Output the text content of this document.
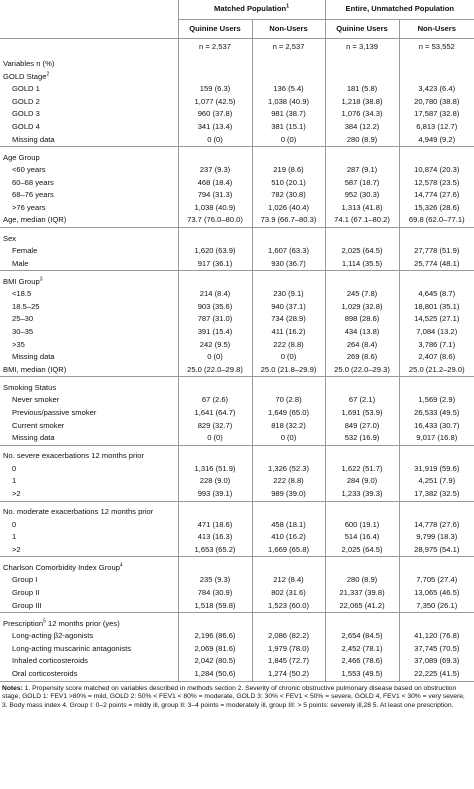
	Matched Population$^1$		Entire, Unmatched Population	
	Quinine Users	Non-Users	Quinine Users	Non-Users
	n = 2,537	n = 2,537	n = 3,139	n = 53,552
Variables n (%)				
GOLD Stage$^2$				
GOLD 1	159 (6.3)	136 (5.4)	181 (5.8)	3,423 (6.4)
GOLD 2	1,077 (42.5)	1,038 (40.9)	1,218 (38.8)	20,780 (38.8)
GOLD 3	960 (37.8)	981 (38.7)	1,076 (34.3)	17,587 (32.8)
GOLD 4	341 (13.4)	381 (15.1)	384 (12.2)	6,813 (12.7)
Missing data	0 (0)	0 (0)	280 (8.9)	4,949 (9.2)
Age Group				
<60 years	237 (9.3)	219 (8.6)	287 (9.1)	10,874 (20.3)
60–68 years	468 (18.4)	510 (20.1)	587 (18.7)	12,578 (23.5)
68–76 years	794 (31.3)	782 (30.8)	952 (30.3)	14,774 (27.6)
>76 years	1,038 (40.9)	1,026 (40.4)	1,313 (41.8)	15,326 (28.6)
Age, median (IQR)	73.7 (76.0–80.0)	73.9 (66.7–80.3)	74.1 (67.1–80.2)	69.8 (62.0–77.1)
Sex				
Female	1,620 (63.9)	1,607 (63.3)	2,025 (64.5)	27,778 (51.9)
Male	917 (36.1)	930 (36.7)	1,114 (35.5)	25,774 (48.1)
BMI Group$^3$				
<18.5	214 (8.4)	230 (9.1)	245 (7.8)	4,645 (8.7)
18.5–25	903 (35.6)	940 (37.1)	1,029 (32.8)	18,801 (35.1)
25–30	787 (31.0)	734 (28.9)	898 (28.6)	14,525 (27.1)
30–35	391 (15.4)	411 (16.2)	434 (13.8)	7,084 (13.2)
>35	242 (9.5)	222 (8.8)	264 (8.4)	3,786 (7.1)
Missing data	0 (0)	0 (0)	269 (8.6)	2,407 (8.6)
BMI, median (IQR)	25.0 (22.0–29.8)	25.0 (21.8–29.9)	25.0 (22.0–29.3)	25.0 (21.2–29.0)
Smoking Status				
Never smoker	67 (2.6)	70 (2.8)	67 (2.1)	1,569 (2.9)
Previous/passive smoker	1,641 (64.7)	1,649 (65.0)	1,691 (53.9)	26,533 (49.5)
Current smoker	829 (32.7)	818 (32.2)	849 (27.0)	16,433 (30.7)
Missing data	0 (0)	0 (0)	532 (16.9)	9,017 (16.8)
No. severe exacerbations 12 months prior				
0	1,316 (51.9)	1,326 (52.3)	1,622 (51.7)	31,919 (59.6)
1	228 (9.0)	222 (8.8)	284 (9.0)	4,251 (7.9)
>2	993 (39.1)	989 (39.0)	1,233 (39.3)	17,382 (32.5)
No. moderate exacerbations 12 months prior				
0	471 (18.6)	458 (18.1)	600 (19.1)	14,778 (27.6)
1	413 (16.3)	410 (16.2)	514 (16.4)	9,799 (18.3)
>2	1,653 (65.2)	1,669 (65.8)	2,025 (64.5)	28,975 (54.1)
Charlson Comorbidity Index Group$^4$				
Group I	235 (9.3)	212 (8.4)	280 (8.9)	7,705 (27.4)
Group II	784 (30.9)	802 (31.6)	21,337 (39.8)	13,065 (46.5)
Group III	1,518 (59.8)	1,523 (60.0)	22,065 (41.2)	7,350 (26.1)
Prescription$^5$ 12 months prior (yes)				
Long-acting β2-agonists	2,196 (86.6)	2,086 (82.2)	2,654 (84.5)	41,120 (76.8)
Long-acting muscarinic antagonists	2,069 (81.6)	1,979 (78.0)	2,452 (78.1)	37,745 (70.5)
Inhaled corticosteroids	2,042 (80.5)	1,845 (72.7)	2,466 (78.6)	37,089 (69.3)
Oral corticosteroids	1,284 (50.6)	1,274 (50.2)	1,553 (49.5)	22,225 (41.5)
Notes: 1. Propensity score matched on variables described in methods section 2. Severity of chronic obstructive pulmonary disease based on obstruction stage, GOLD 1: FEV1 >80% = mild, GOLD 2: 50% < FEV1 < 80% = moderate, GOLD 3: 30% < FEV1 < 50% = severe, GOLD 4, FEV1 < 30% = very severe, 3. Body mass index 4. Group I: 0–2 points = mildly ill, group II: 3–4 points = moderately ill, group III: > 5 points: severely ill,28 5. At least one prescription.
